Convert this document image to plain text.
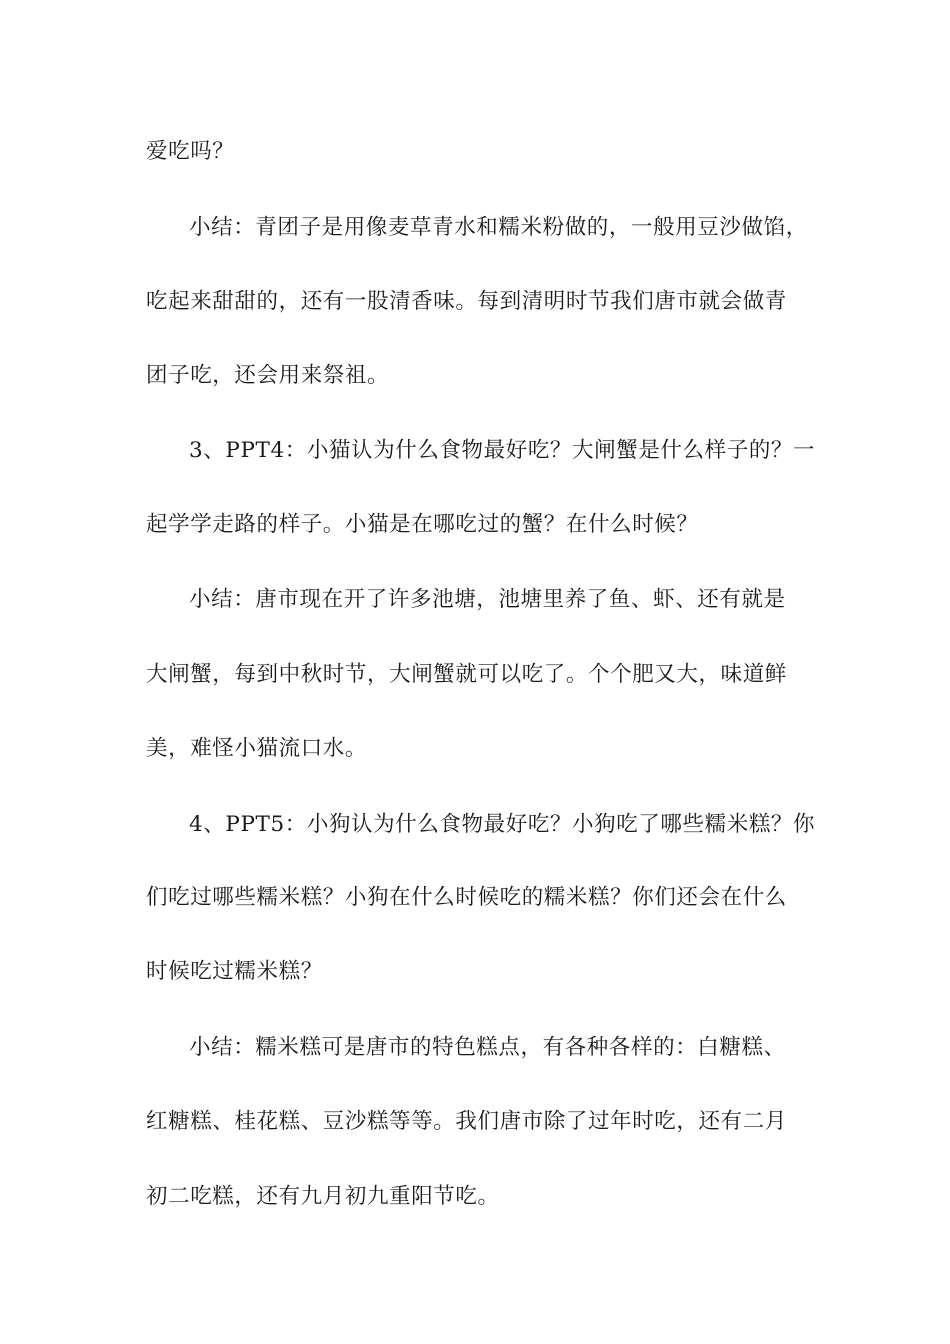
爱吃吗？
小结：青团子是用像麦草青水和糯米粉做的，一般用豆沙做馅，
吃起来甜甜的，还有一股清香味。每到清明时节我们唐市就会做青
团子吃，还会用来祭祖。
3、PPT4：小猫认为什么食物最好吃？大闸蟹是什么样子的？一
起学学走路的样子。小猫是在哪吃过的蟹？在什么时候？
小结：唐市现在开了许多池塘，池塘里养了鱼、虾、还有就是
大闸蟹，每到中秋时节，大闸蟹就可以吃了。个个肥又大，味道鲜
美，难怪小猫流口水。
4、PPT5：小狗认为什么食物最好吃？小狗吃了哪些糯米糕？你
们吃过哪些糯米糕？小狗在什么时候吃的糯米糕？你们还会在什么
时候吃过糯米糕？
小结：糯米糕可是唐市的特色糕点，有各种各样的：白糖糕、
红糖糕、桂花糕、豆沙糕等等。我们唐市除了过年时吃，还有二月
初二吃糕，还有九月初九重阳节吃。
